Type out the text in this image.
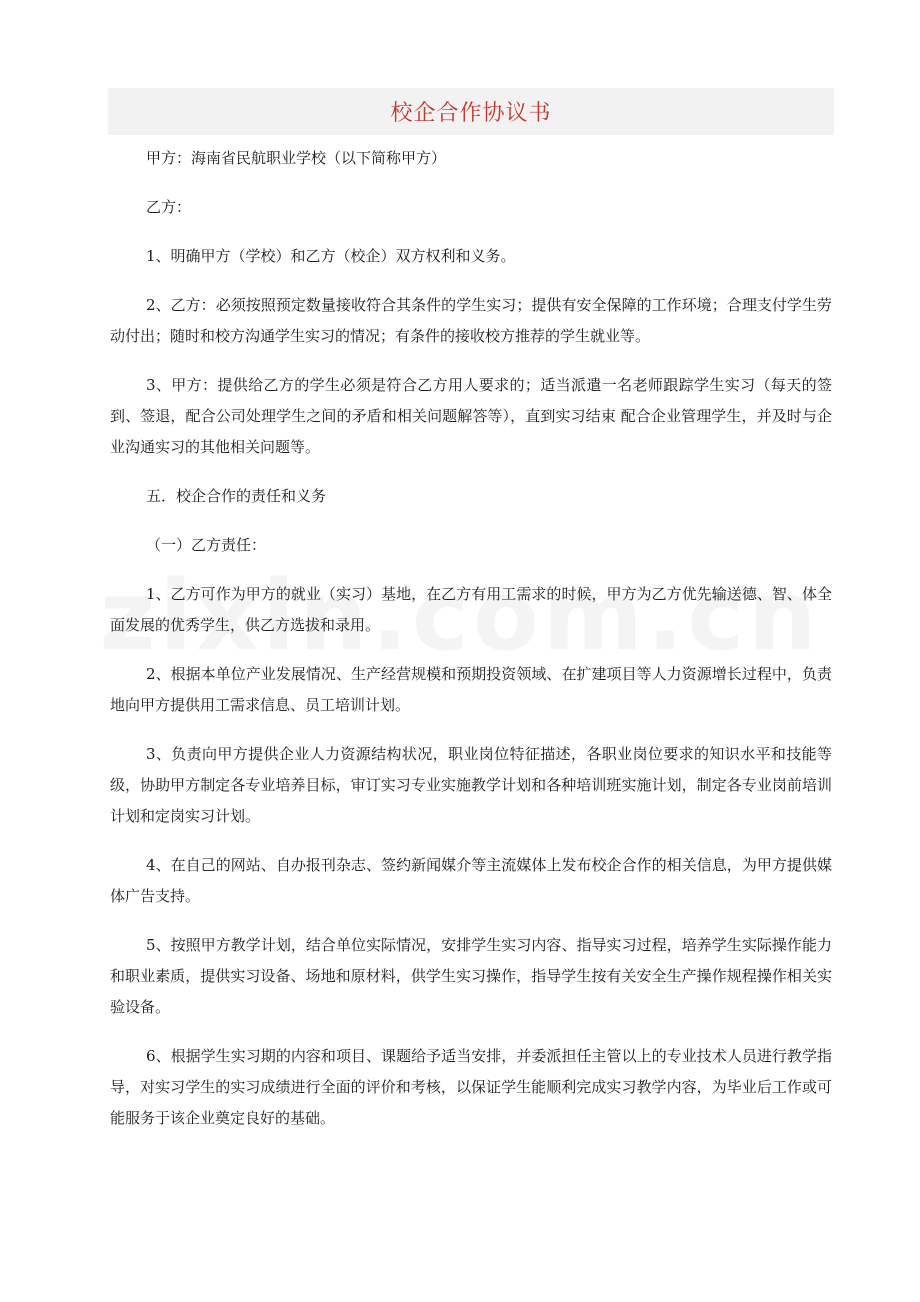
校企合作协议书

甲方：海南省民航职业学校（以下简称甲方）

乙方：

1、明确甲方（学校）和乙方（校企）双方权利和义务。

2、乙方：必须按照预定数量接收符合其条件的学生实习；提供有安全保障的工作环境；合理支付学生劳动付出；随时和校方沟通学生实习的情况；有条件的接收校方推荐的学生就业等。

3、甲方：提供给乙方的学生必须是符合乙方用人要求的；适当派遣一名老师跟踪学生实习（每天的签到、签退，配合公司处理学生之间的矛盾和相关问题解答等），直到实习结束 配合企业管理学生，并及时与企业沟通实习的其他相关问题等。

五．校企合作的责任和义务

（一）乙方责任：

1、乙方可作为甲方的就业（实习）基地，在乙方有用工需求的时候，甲方为乙方优先输送德、智、体全面发展的优秀学生，供乙方选拔和录用。

2、根据本单位产业发展情况、生产经营规模和预期投资领域、在扩建项目等人力资源增长过程中，负责地向甲方提供用工需求信息、员工培训计划。

3、负责向甲方提供企业人力资源结构状况，职业岗位特征描述，各职业岗位要求的知识水平和技能等级，协助甲方制定各专业培养目标，审订实习专业实施教学计划和各种培训班实施计划，制定各专业岗前培训计划和定岗实习计划。

4、在自己的网站、自办报刊杂志、签约新闻媒介等主流媒体上发布校企合作的相关信息，为甲方提供媒体广告支持。

5、按照甲方教学计划，结合单位实际情况，安排学生实习内容、指导实习过程，培养学生实际操作能力和职业素质，提供实习设备、场地和原材料，供学生实习操作，指导学生按有关安全生产操作规程操作相关实验设备。

6、根据学生实习期的内容和项目、课题给予适当安排，并委派担任主管以上的专业技术人员进行教学指导，对实习学生的实习成绩进行全面的评价和考核，以保证学生能顺利完成实习教学内容，为毕业后工作或可能服务于该企业奠定良好的基础。
